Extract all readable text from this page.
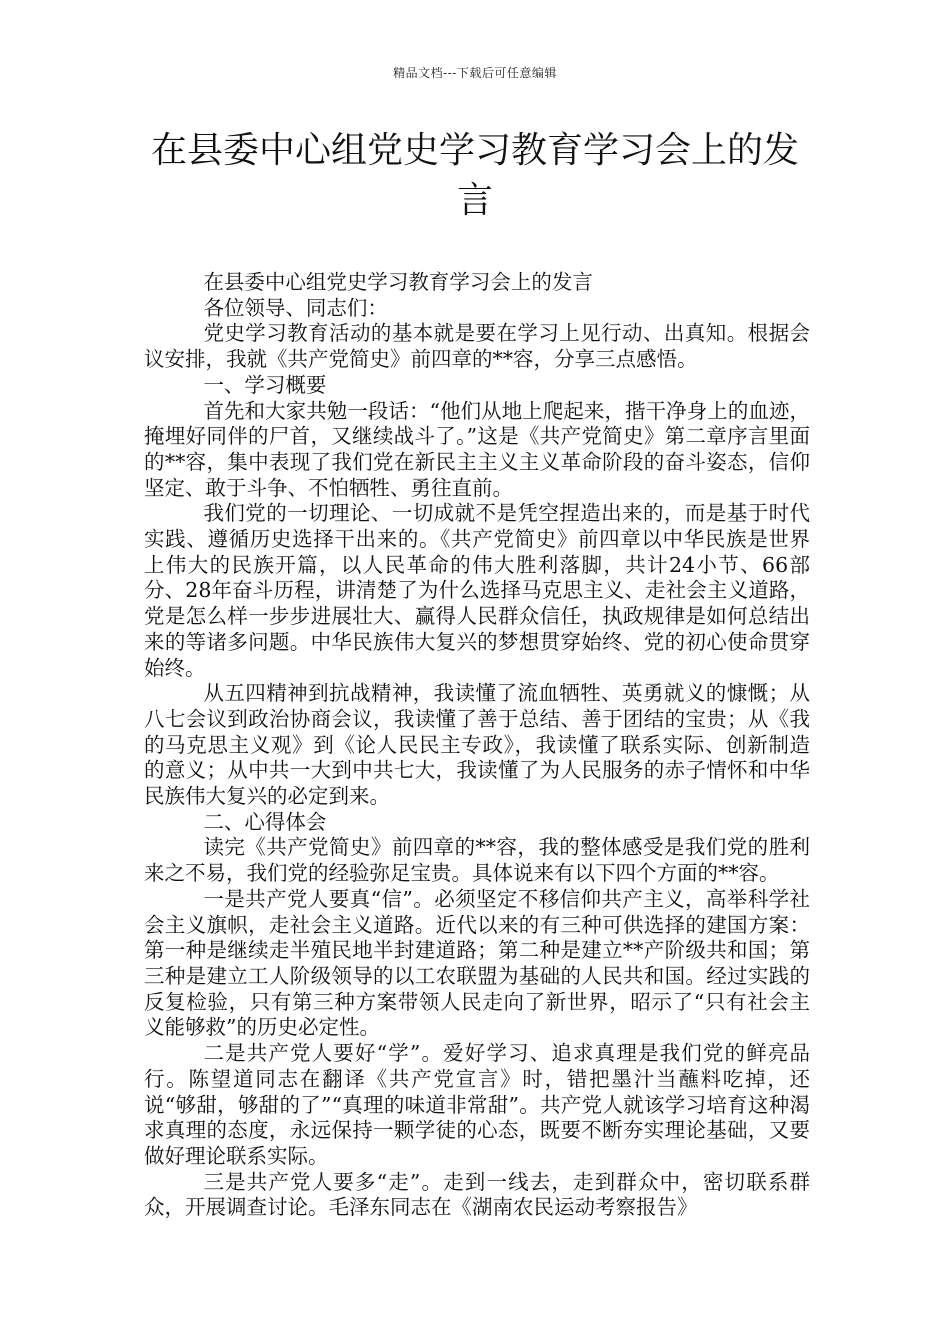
精品文档---下载后可任意编辑
在县委中心组党史学习教育学习会上的发言

在县委中心组党史学习教育学习会上的发言

各位领导、同志们：

党史学习教育活动的基本就是要在学习上见行动、出真知。根据会议安排，我就《共产党简史》前四章的**容，分享三点感悟。

一、学习概要

首先和大家共勉一段话：“他们从地上爬起来，揩干净身上的血迹，掩埋好同伴的尸首，又继续战斗了。”这是《共产党简史》第二章序言里面的**容，集中表现了我们党在新民主主义主义革命阶段的奋斗姿态，信仰坚定、敢于斗争、不怕牺牲、勇往直前。

我们党的一切理论、一切成就不是凭空捏造出来的，而是基于时代实践、遵循历史选择干出来的。《共产党简史》前四章以中华民族是世界上伟大的民族开篇，以人民革命的伟大胜利落脚，共计24小节、66部分、28年奋斗历程，讲清楚了为什么选择马克思主义、走社会主义道路，党是怎么样一步步进展壮大、赢得人民群众信任，执政规律是如何总结出来的等诸多问题。中华民族伟大复兴的梦想贯穿始终、党的初心使命贯穿始终。

从五四精神到抗战精神，我读懂了流血牺牲、英勇就义的慷慨；从八七会议到政治协商会议，我读懂了善于总结、善于团结的宝贵；从《我的马克思主义观》到《论人民民主专政》，我读懂了联系实际、创新制造的意义；从中共一大到中共七大，我读懂了为人民服务的赤子情怀和中华民族伟大复兴的必定到来。

二、心得体会

读完《共产党简史》前四章的**容，我的整体感受是我们党的胜利来之不易，我们党的经验弥足宝贵。具体说来有以下四个方面的**容。

一是共产党人要真“信”。必须坚定不移信仰共产主义，高举科学社会主义旗帜，走社会主义道路。近代以来的有三种可供选择的建国方案：第一种是继续走半殖民地半封建道路；第二种是建立**产阶级共和国；第三种是建立工人阶级领导的以工农联盟为基础的人民共和国。经过实践的反复检验，只有第三种方案带领人民走向了新世界，昭示了“只有社会主义能够救”的历史必定性。

二是共产党人要好“学”。爱好学习、追求真理是我们党的鲜亮品行。陈望道同志在翻译《共产党宣言》时，错把墨汁当蘸料吃掉，还说“够甜，够甜的了”“真理的味道非常甜”。共产党人就该学习培育这种渴求真理的态度，永远保持一颗学徒的心态，既要不断夯实理论基础，又要做好理论联系实际。

三是共产党人要多“走”。走到一线去，走到群众中，密切联系群众，开展调查讨论。毛泽东同志在《湖南农民运动考察报告》
